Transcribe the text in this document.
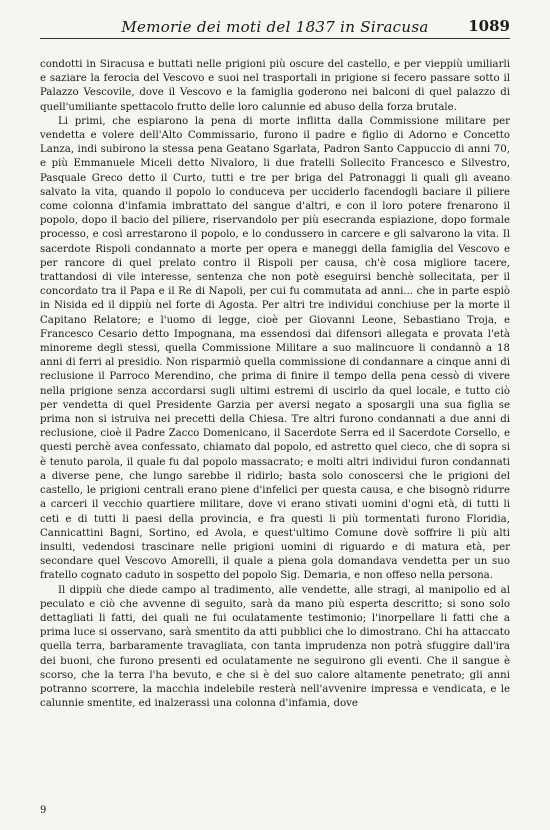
Memorie dei moti del 1837 in Siracusa	1089

condotti in Siracusa e buttati nelle prigioni più oscure del castello, e per vieppiù umiliarli e saziare la ferocia del Vescovo e suoi nel trasportali in prigione si fecero passare sotto il Palazzo Vescovile, dove il Vescovo e la famiglia goderono nei balconi di quel palazzo di quell'umiliante spettacolo frutto delle loro calunnie ed abuso della forza brutale.

Li primi, che espiarono la pena di morte inflitta dalla Commissione militare per vendetta e volere dell'Alto Commissario, furono il padre e figlio di Adorno e Concetto Lanza, indi subirono la stessa pena Geatano Sgarlata, Padron Santo Cappuccio di anni 70, e più Emmanuele Miceli detto Nivaloro, li due fratelli Sollecito Francesco e Silvestro, Pasquale Greco detto il Curto, tutti e tre per briga del Patronaggi li quali gli aveano salvato la vita, quando il popolo lo conduceva per ucciderlo facendogli baciare il piliere come colonna d'infamia imbrattato del sangue d'altri, e con il loro potere frenarono il popolo, dopo il bacio del piliere, riservandolo per più esecranda espiazione, dopo formale processo, e così arrestarono il popolo, e lo condussero in carcere e gli salvarono la vita. Il sacerdote Rispoli condannato a morte per opera e maneggi della famiglia del Vescovo e per rancore di quel prelato contro il Rispoli per causa, ch'è cosa migliore tacere, trattandosi di vile interesse, sentenza che non potè eseguirsi benchè sollecitata, per il concordato tra il Papa e il Re di Napoli, per cui fu commutata ad anni... che in parte espiò in Nisida ed il dippiù nel forte di Agosta. Per altri tre individui conchiuse per la morte il Capitano Relatore; e l'uomo di legge, cioè per Giovanni Leone, Sebastiano Troja, e Francesco Cesario detto Impognana, ma essendosi dai difensori allegata e provata l'età minoreme degli stessi, quella Commissione Militare a suo malincuore li condannò a 18 anni di ferri al presidio. Non risparmiò quella commissione di condannare a cinque anni di reclusione il Parroco Merendino, che prima di finire il tempo della pena cessò di vivere nella prigione senza accordarsi sugli ultimi estremi di uscirlo da quel locale, e tutto ciò per vendetta di quel Presidente Garzia per aversi negato a sposargli una sua figlia se prima non si istruiva nei precetti della Chiesa. Tre altri furono condannati a due anni di reclusione, cioè il Padre Zacco Domenicano, il Sacerdote Serra ed il Sacerdote Corsello, e questi perchè avea confessato, chiamato dal popolo, ed astretto quel cieco, che di sopra si è tenuto parola, il quale fu dal popolo massacrato; e molti altri individui furon condannati a diverse pene, che lungo sarebbe il ridirlo; basta solo conoscersi che le prigioni del castello, le prigioni centrali erano piene d'infelici per questa causa, e che bisognò ridurre a carceri il vecchio quartiere militare, dove vi erano stivati uomini d'ogni età, di tutti li ceti e di tutti li paesi della provincia, e fra questi li più tormentati furono Floridia, Cannicattini Bagni, Sortino, ed Avola, e quest'ultimo Comune dovè soffrire li più alti insulti, vedendosi trascinare nelle prigioni uomini di riguardo e di matura età, per secondare quel Vescovo Amorelli, il quale a piena gola domandava vendetta per un suo fratello cognato caduto in sospetto del popolo Sig. Demaria, e non offeso nella persona.

Il dippiù che diede campo al tradimento, alle vendette, alle stragi, al manipolio ed al peculato e ciò che avvenne di seguito, sarà da mano più esperta descritto; si sono solo dettagliati li fatti, dei quali ne fui oculatamente testimonio; l'inorpellare li fatti che a prima luce si osservano, sarà smentito da atti pubblici che lo dimostrano. Chi ha attaccato quella terra, barbaramente travagliata, con tanta imprudenza non potrà sfuggire dall'ira dei buoni, che furono presenti ed oculatamente ne seguirono gli eventi. Che il sangue è scorso, che la terra l'ha bevuto, e che si è del suo calore altamente penetrato; gli anni potranno scorrere, la macchia indelebile resterà nell'avvenire impressa e vendicata, e le calunnie smentite, ed inalzerassi una colonna d'infamia, dove

9
